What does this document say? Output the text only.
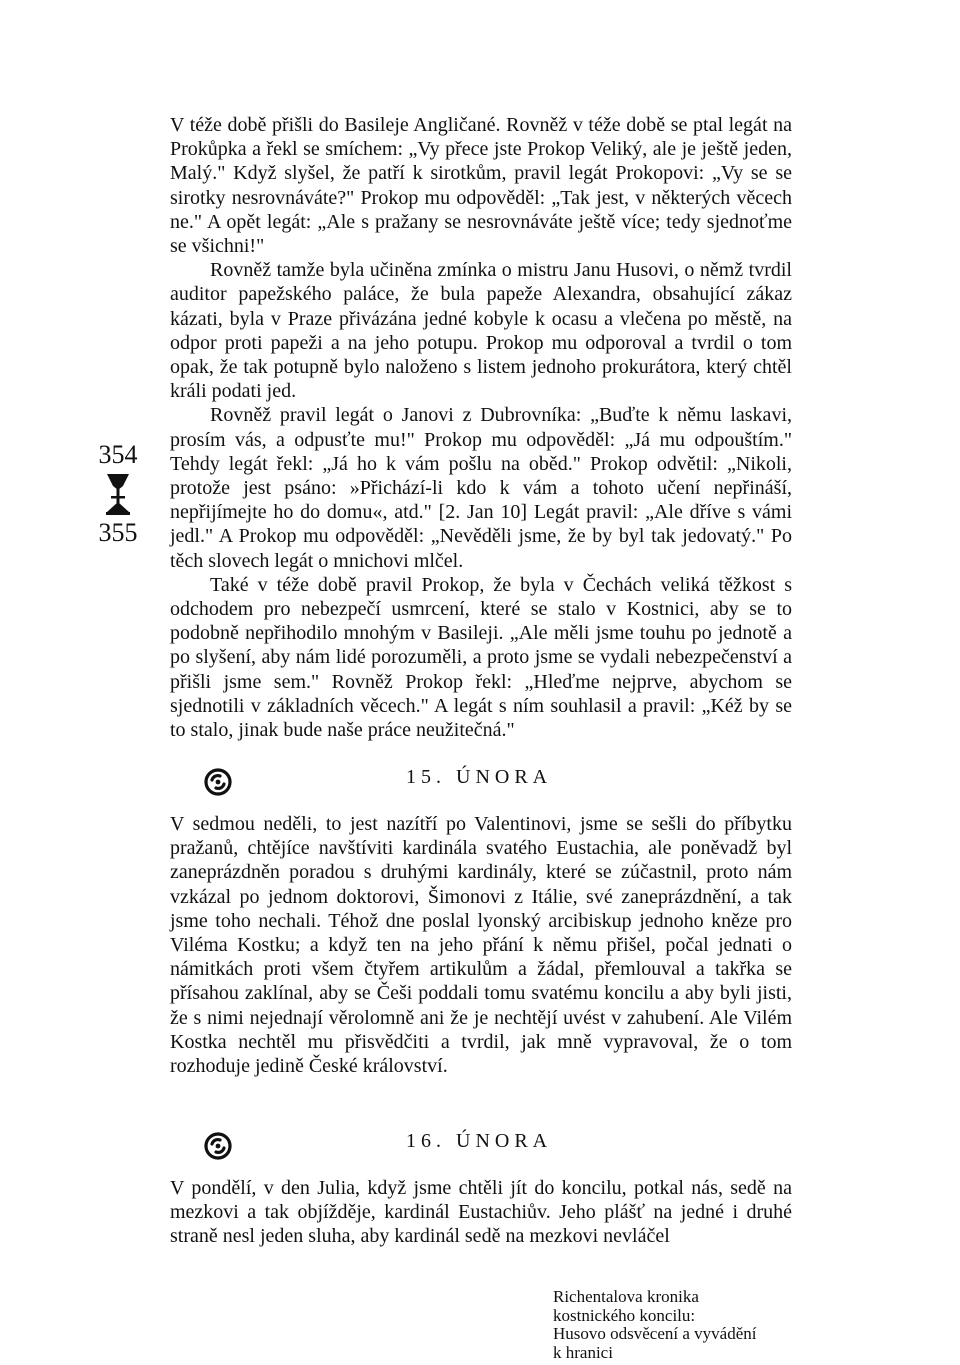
V téže době přišli do Basileje Angličané. Rovněž v téže době se ptal legát na Prokůpka a řekl se smíchem: „Vy přece jste Prokop Veliký, ale je ještě jeden, Malý." Když slyšel, že patří k sirotkům, pravil legát Prokopovi: „Vy se se sirotky nesrovnáváte?" Prokop mu odpověděl: „Tak jest, v některých věcech ne." A opět legát: „Ale s pražany se nesrovnáváte ještě více; tedy sjednoťme se všichni!"

Rovněž tamže byla učiněna zmínka o mistru Janu Husovi, o němž tvrdil auditor papežského paláce, že bula papeže Alexandra, obsahující zákaz kázati, byla v Praze přivázána jedné kobyle k ocasu a vlečena po městě, na odpor proti papeži a na jeho potupu. Prokop mu odporoval a tvrdil o tom opak, že tak potupně bylo naloženo s listem jednoho prokurátora, který chtěl králi podati jed.

Rovněž pravil legát o Janovi z Dubrovníka: „Buďte k němu laskavi, prosím vás, a odpusťte mu!" Prokop mu odpověděl: „Já mu odpouštím." Tehdy legát řekl: „Já ho k vám pošlu na oběd." Prokop odvětil: „Nikoli, protože jest psáno: »Přichází-li kdo k vám a tohoto učení nepřináší, nepřijímejte ho do domu«, atd." [2. Jan 10] Legát pravil: „Ale dříve s vámi jedl." A Prokop mu odpověděl: „Nevěděli jsme, že by byl tak jedovatý." Po těch slovech legát o mnichovi mlčel.

Také v téže době pravil Prokop, že byla v Čechách veliká těžkost s odchodem pro nebezpečí usmrcení, které se stalo v Kostnici, aby se to podobně nepřihodilo mnohým v Basileji. „Ale měli jsme touhu po jednotě a po slyšení, aby nám lidé porozuměli, a proto jsme se vydali nebezpečenství a přišli jsme sem." Rovněž Prokop řekl: „Hleďme nejprve, abychom se sjednotili v základních věcech." A legát s ním souhlasil a pravil: „Kéž by se to stalo, jinak bude naše práce neužitečná."

354
355
15. ÚNORA

V sedmou neděli, to jest nazítří po Valentinovi, jsme se sešli do příbytku pražanů, chtějíce navštíviti kardinála svatého Eustachia, ale poněvadž byl zaneprázdněn poradou s druhými kardinály, které se zúčastnil, proto nám vzkázal po jednom doktorovi, Šimonovi z Itálie, své zaneprázdnění, a tak jsme toho nechali. Téhož dne poslal lyonský arcibiskup jednoho kněze pro Viléma Kostku; a když ten na jeho přání k němu přišel, počal jednati o námitkách proti všem čtyřem artikulům a žádal, přemlouval a takřka se přísahou zaklínal, aby se Češi poddali tomu svatému koncilu a aby byli jisti, že s nimi nejednají věrolomně ani že je nechtějí uvést v zahubení. Ale Vilém Kostka nechtěl mu přisvědčiti a tvrdil, jak mně vypravoval, že o tom rozhoduje jedině České království.

16. ÚNORA

V pondělí, v den Julia, když jsme chtěli jít do koncilu, potkal nás, sedě na mezkovi a tak objížděje, kardinál Eustachiův. Jeho plášť na jedné i druhé straně nesl jeden sluha, aby kardinál sedě na mezkovi nevláčel

Richentalova kronika
kostnického koncilu:
Husovo odsvěcení a vyvádění
k hranici
